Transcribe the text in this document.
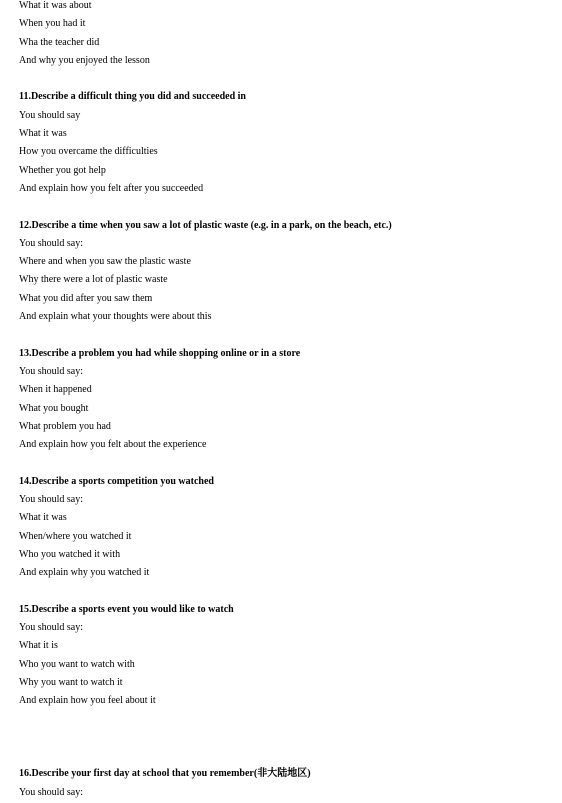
What it was about
When you had it
Wha the teacher did
And why you enjoyed the lesson
11.Describe a difficult thing you did and succeeded in
You should say
What it was
How you overcame the difficulties
Whether you got help
And explain how you felt after you succeeded
12.Describe a time when you saw a lot of plastic waste (e.g. in a park, on the beach, etc.)
You should say:
Where and when you saw the plastic waste
Why there were a lot of plastic waste
What you did after you saw them
And explain what your thoughts were about this
13.Describe a problem you had while shopping online or in a store
You should say:
When it happened
What you bought
What problem you had
And explain how you felt about the experience
14.Describe a sports competition you watched
You should say:
What it was
When/where you watched it
Who you watched it with
And explain why you watched it
15.Describe a sports event you would like to watch
You should say:
What it is
Who you want to watch with
Why you want to watch it
And explain how you feel about it
16.Describe your first day at school that you remember(非大陆地区)
You should say:
